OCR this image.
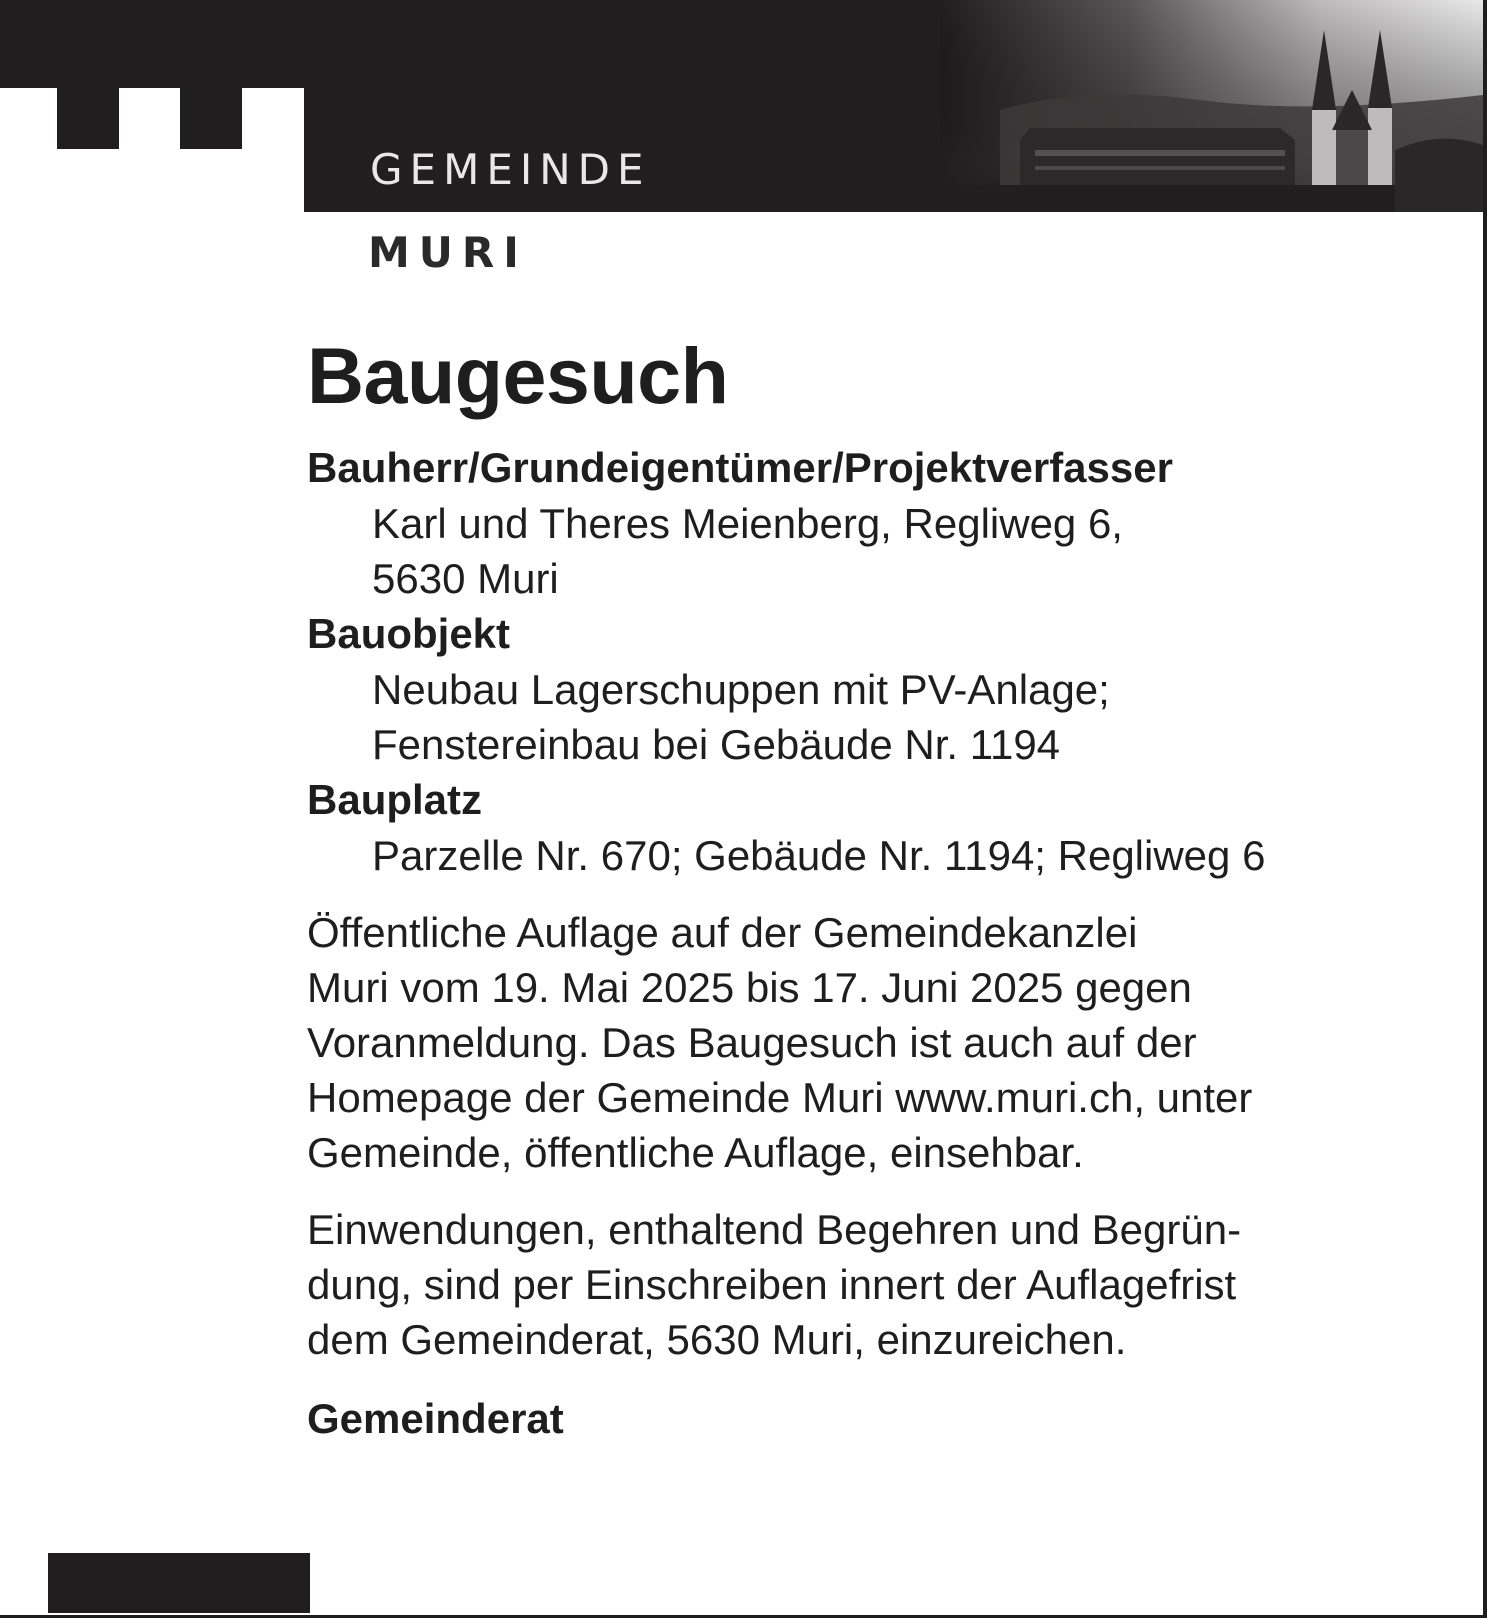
GEMEINDE
MURI
Baugesuch

Bauherr/Grundeigentümer/Projektverfasser

Karl und Theres Meienberg, Regliweg 6,

5630 Muri

Bauobjekt

Neubau Lagerschuppen mit PV-Anlage;

Fenstereinbau bei Gebäude Nr. 1194

Bauplatz

Parzelle Nr. 670; Gebäude Nr. 1194; Regliweg 6

Öffentliche Auflage auf der Gemeindekanzlei

Muri vom 19. Mai 2025 bis 17. Juni 2025 gegen

Voranmeldung. Das Baugesuch ist auch auf der

Homepage der Gemeinde Muri www.muri.ch, unter

Gemeinde, öffentliche Auflage, einsehbar.

Einwendungen, enthaltend Begehren und Begrün-

dung, sind per Einschreiben innert der Auflagefrist

dem Gemeinderat, 5630 Muri, einzureichen.

Gemeinderat
